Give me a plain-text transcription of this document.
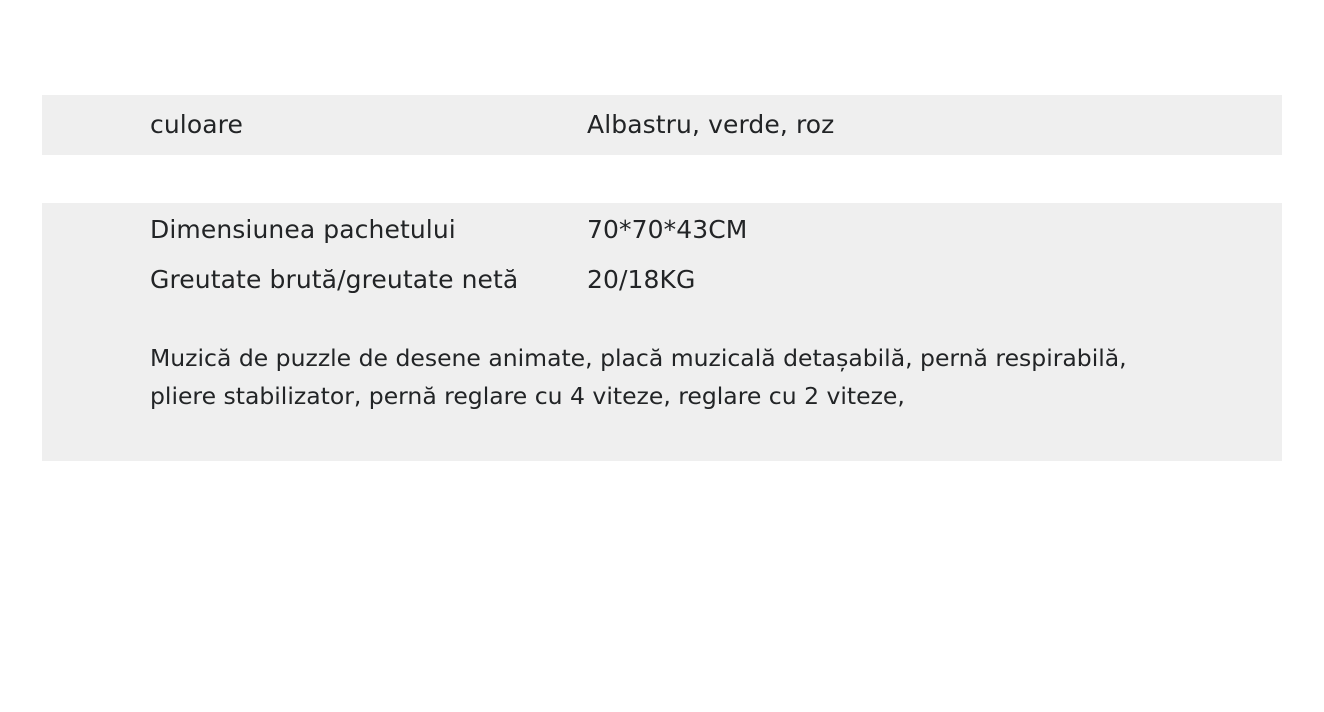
culoare	Albastru, verde, roz
Dimensiunea pachetului	70*70*43CM
Greutate brută/greutate netă	20/18KG
Muzică de puzzle de desene animate, placă muzicală detașabilă, pernă respirabilă, pliere stabilizator, pernă reglare cu 4 viteze, reglare cu 2 viteze,
